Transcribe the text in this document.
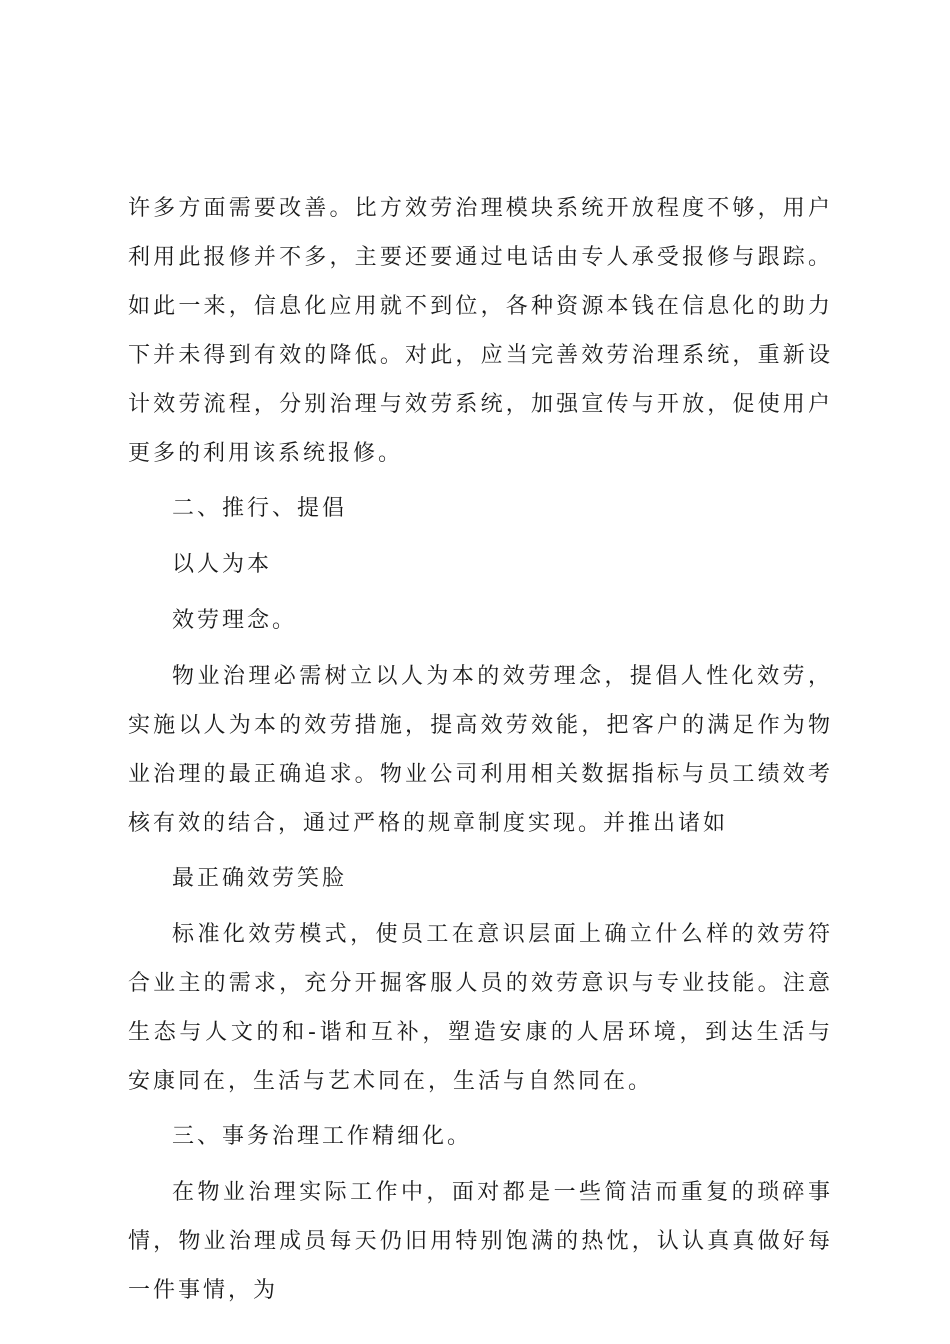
许多方面需要改善。比方效劳治理模块系统开放程度不够，用户利用此报修并不多，主要还要通过电话由专人承受报修与跟踪。如此一来，信息化应用就不到位，各种资源本钱在信息化的助力下并未得到有效的降低。对此，应当完善效劳治理系统，重新设计效劳流程，分别治理与效劳系统，加强宣传与开放，促使用户更多的利用该系统报修。

二、推行、提倡

以人为本

效劳理念。

物业治理必需树立以人为本的效劳理念，提倡人性化效劳，实施以人为本的效劳措施，提高效劳效能，把客户的满足作为物业治理的最正确追求。物业公司利用相关数据指标与员工绩效考核有效的结合，通过严格的规章制度实现。并推出诸如

最正确效劳笑脸

标准化效劳模式，使员工在意识层面上确立什么样的效劳符合业主的需求，充分开掘客服人员的效劳意识与专业技能。注意生态与人文的和-谐和互补，塑造安康的人居环境，到达生活与安康同在，生活与艺术同在，生活与自然同在。

三、事务治理工作精细化。

在物业治理实际工作中，面对都是一些简洁而重复的琐碎事情，物业治理成员每天仍旧用特别饱满的热忱，认认真真做好每一件事情，为
